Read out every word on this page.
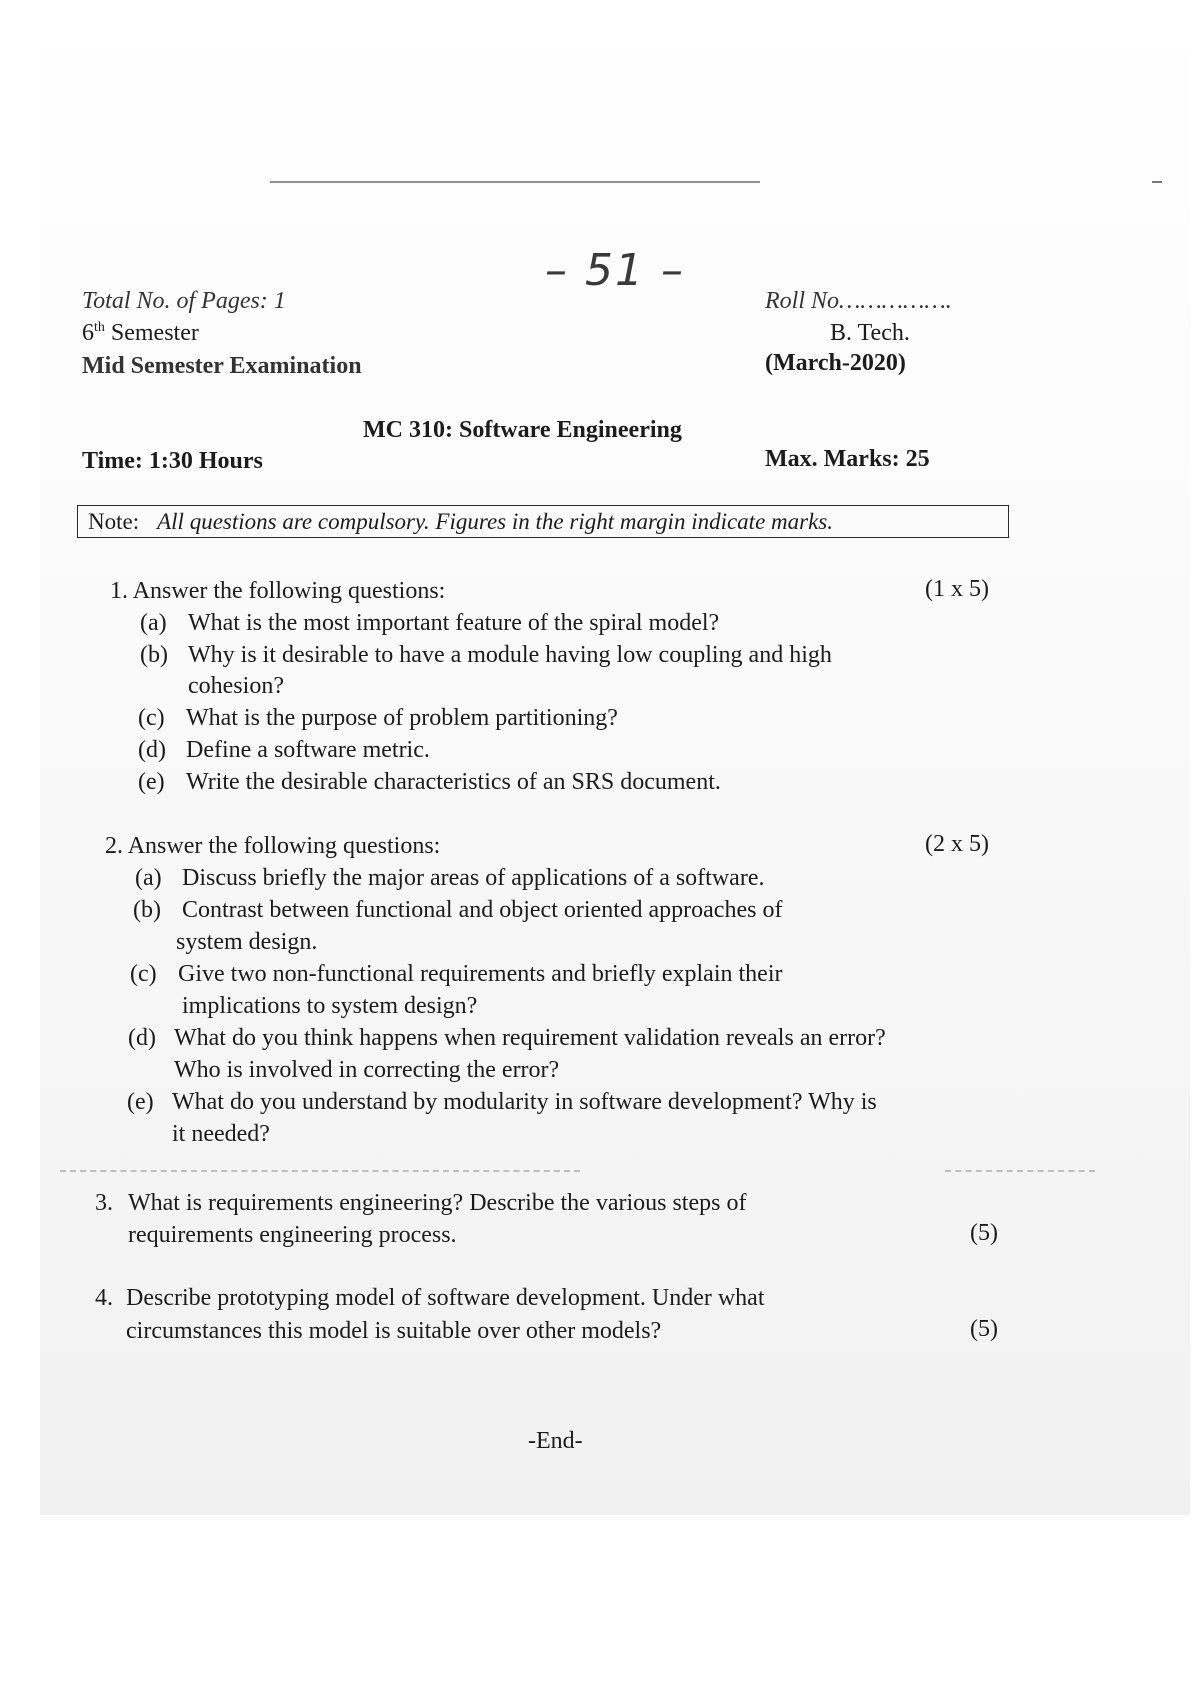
– 51 –
Total No. of Pages: 1	Roll No…………….
6th Semester	B. Tech.
Mid Semester Examination	(March-2020)
MC 310: Software Engineering
Time: 1:30 Hours	Max. Marks: 25
Note: All questions are compulsory. Figures in the right margin indicate marks.
1. Answer the following questions:	(1 x 5)
(a) What is the most important feature of the spiral model?
(b) Why is it desirable to have a module having low coupling and high
cohesion?
(c) What is the purpose of problem partitioning?
(d) Define a software metric.
(e) Write the desirable characteristics of an SRS document.
2. Answer the following questions:	(2 x 5)
(a) Discuss briefly the major areas of applications of a software.
(b) Contrast between functional and object oriented approaches of
system design.
(c) Give two non-functional requirements and briefly explain their
implications to system design?
(d) What do you think happens when requirement validation reveals an error?
Who is involved in correcting the error?
(e) What do you understand by modularity in software development? Why is
it needed?
3. What is requirements engineering? Describe the various steps of
requirements engineering process.	(5)
4. Describe prototyping model of software development. Under what
circumstances this model is suitable over other models?	(5)
-End-
